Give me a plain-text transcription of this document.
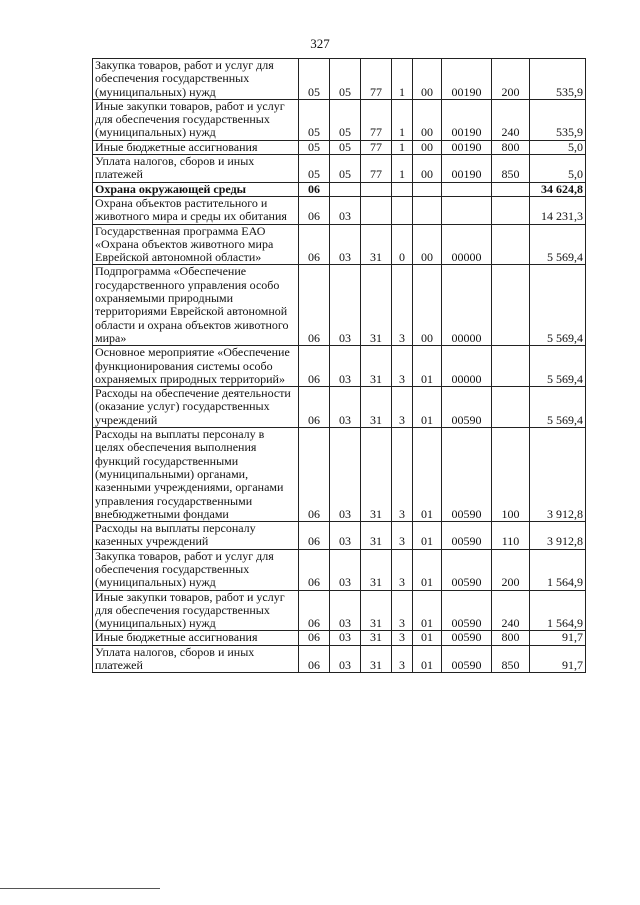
327
Закупка товаров, работ и услуг для обеспечения государственных (муниципальных) нужд	05	05	77	1	00	00190	200	535,9
Иные закупки товаров, работ и услуг для обеспечения государственных (муниципальных) нужд	05	05	77	1	00	00190	240	535,9
Иные бюджетные ассигнования	05	05	77	1	00	00190	800	5,0
Уплата налогов, сборов и иных платежей	05	05	77	1	00	00190	850	5,0
Охрана окружающей среды	06							34 624,8
Охрана объектов растительного и животного мира и среды их обитания	06	03						14 231,3
Государственная программа ЕАО «Охрана объектов животного мира Еврейской автономной области»	06	03	31	0	00	00000		5 569,4
Подпрограмма «Обеспечение государственного управления особо охраняемыми природными территориями Еврейской автономной области и охрана объектов животного мира»	06	03	31	3	00	00000		5 569,4
Основное мероприятие «Обеспечение функционирования системы особо охраняемых природных территорий»	06	03	31	3	01	00000		5 569,4
Расходы на обеспечение деятельности (оказание услуг) государственных учреждений	06	03	31	3	01	00590		5 569,4
Расходы на выплаты персоналу в целях обеспечения выполнения функций государственными (муниципальными) органами, казенными учреждениями, органами управления государственными внебюджетными фондами	06	03	31	3	01	00590	100	3 912,8
Расходы на выплаты персоналу казенных учреждений	06	03	31	3	01	00590	110	3 912,8
Закупка товаров, работ и услуг для обеспечения государственных (муниципальных) нужд	06	03	31	3	01	00590	200	1 564,9
Иные закупки товаров, работ и услуг для обеспечения государственных (муниципальных) нужд	06	03	31	3	01	00590	240	1 564,9
Иные бюджетные ассигнования	06	03	31	3	01	00590	800	91,7
Уплата налогов, сборов и иных платежей	06	03	31	3	01	00590	850	91,7
